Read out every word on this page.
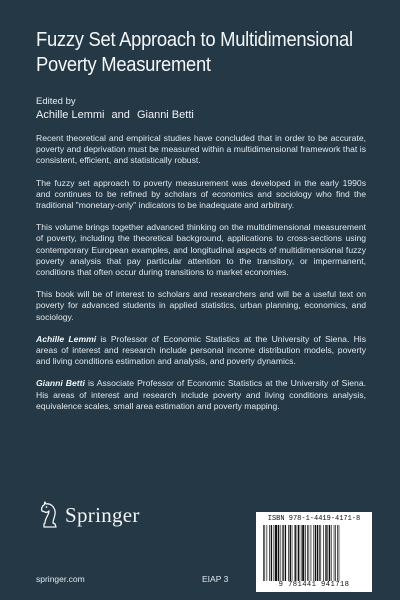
Fuzzy Set Approach to Multidimensional
Poverty Measurement
Edited by
Achille Lemmi and Gianni Betti

Recent theoretical and empirical studies have concluded that in order to be accurate, poverty and deprivation must be measured within a multidimensional framework that is consistent, efficient, and statistically robust.

The fuzzy set approach to poverty measurement was developed in the early 1990s and continues to be refined by scholars of economics and sociology who find the traditional "monetary-only" indicators to be inadequate and arbitrary.

This volume brings together advanced thinking on the multidimensional measurement of poverty, including the theoretical background, applications to cross-sections using contemporary European examples, and longitudinal aspects of multidimensional fuzzy poverty analysis that pay particular attention to the transitory, or impermanent, conditions that often occur during transitions to market economies.

This book will be of interest to scholars and researchers and will be a useful text on poverty for advanced students in applied statistics, urban planning, economics, and sociology.

Achille Lemmi is Professor of Economic Statistics at the University of Siena. His areas of interest and research include personal income distribution models, poverty and living conditions estimation and analysis, and poverty dynamics.

Gianni Betti is Associate Professor of Economic Statistics at the University of Siena. His areas of interest and research include poverty and living conditions analysis, equivalence scales, small area estimation and poverty mapping.

Springer
springer.com	EIAP 3
ISBN 978-1-4419-4171-8
9 781441 941718
